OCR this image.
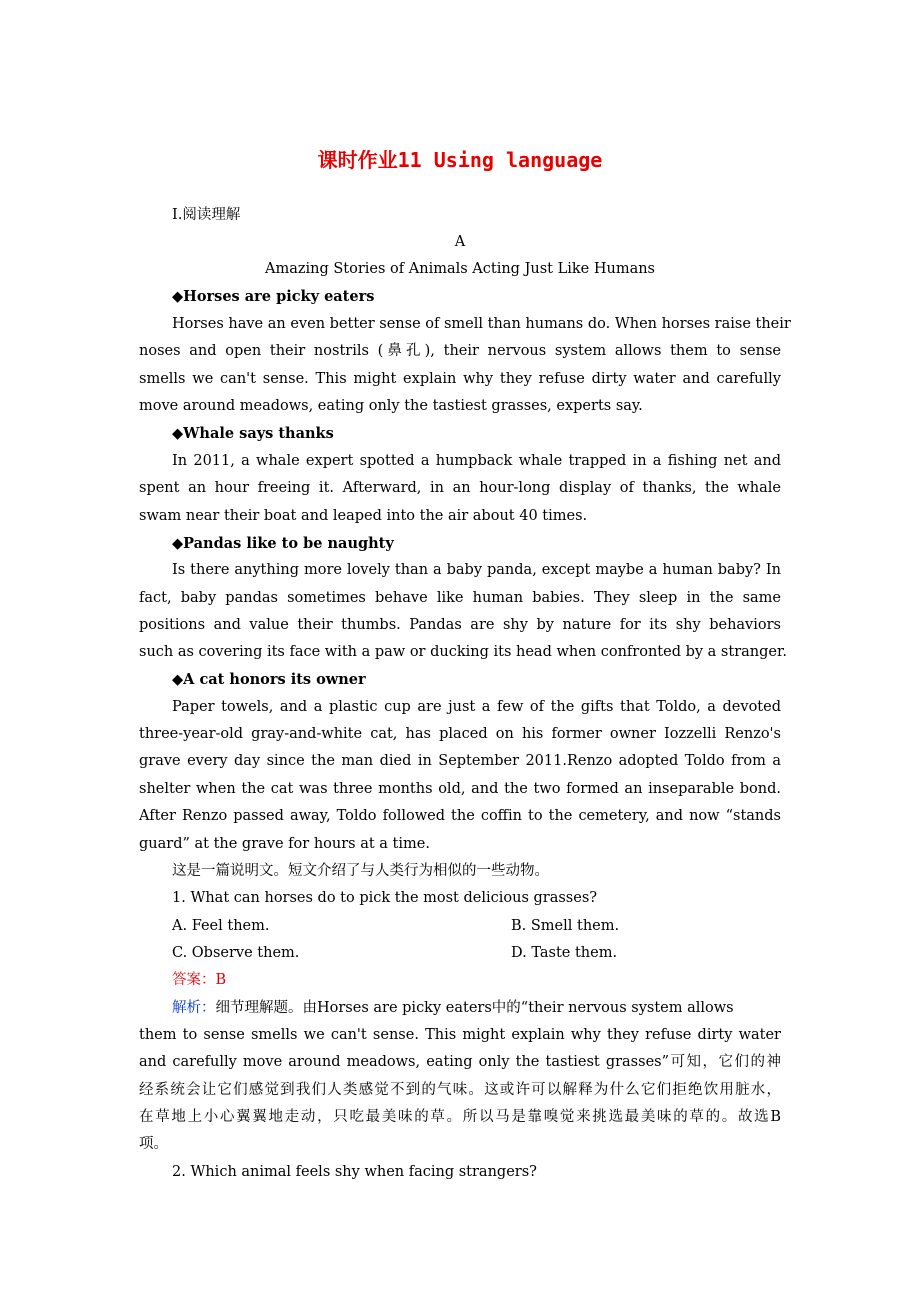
课时作业11 Using language
Ⅰ.阅读理解
A
Amazing Stories of Animals Acting Just Like Humans
◆Horses are picky eaters
Horses have an even better sense of smell than humans do. When horses raise their
noses and open their nostrils (鼻孔), their nervous system allows them to sense
smells we can't sense. This might explain why they refuse dirty water and carefully
move around meadows, eating only the tastiest grasses, experts say.
◆Whale says thanks
In 2011, a whale expert spotted a humpback whale trapped in a fishing net and
spent an hour freeing it. Afterward, in an hour-long display of thanks, the whale
swam near their boat and leaped into the air about 40 times.
◆Pandas like to be naughty
Is there anything more lovely than a baby panda, except maybe a human baby? In
fact, baby pandas sometimes behave like human babies. They sleep in the same
positions and value their thumbs. Pandas are shy by nature for its shy behaviors
such as covering its face with a paw or ducking its head when confronted by a stranger.
◆A cat honors its owner
Paper towels, and a plastic cup are just a few of the gifts that Toldo, a devoted
three-year-old gray-and-white cat, has placed on his former owner Iozzelli Renzo's
grave every day since the man died in September 2011.Renzo adopted Toldo from a
shelter when the cat was three months old, and the two formed an inseparable bond.
After Renzo passed away, Toldo followed the coffin to the cemetery, and now “stands
guard” at the grave for hours at a time.
这是一篇说明文。短文介绍了与人类行为相似的一些动物。
1. What can horses do to pick the most delicious grasses?
A. Feel them.	B. Smell them.
C. Observe them.	D. Taste them.
答案：B
解析：细节理解题。由Horses are picky eaters中的“their nervous system allows
them to sense smells we can't sense. This might explain why they refuse dirty water
and carefully move around meadows, eating only the tastiest grasses”可知，它们的神
经系统会让它们感觉到我们人类感觉不到的气味。这或许可以解释为什么它们拒绝饮用脏水，
在草地上小心翼翼地走动，只吃最美味的草。所以马是靠嗅觉来挑选最美味的草的。故选B
项。
2. Which animal feels shy when facing strangers?
